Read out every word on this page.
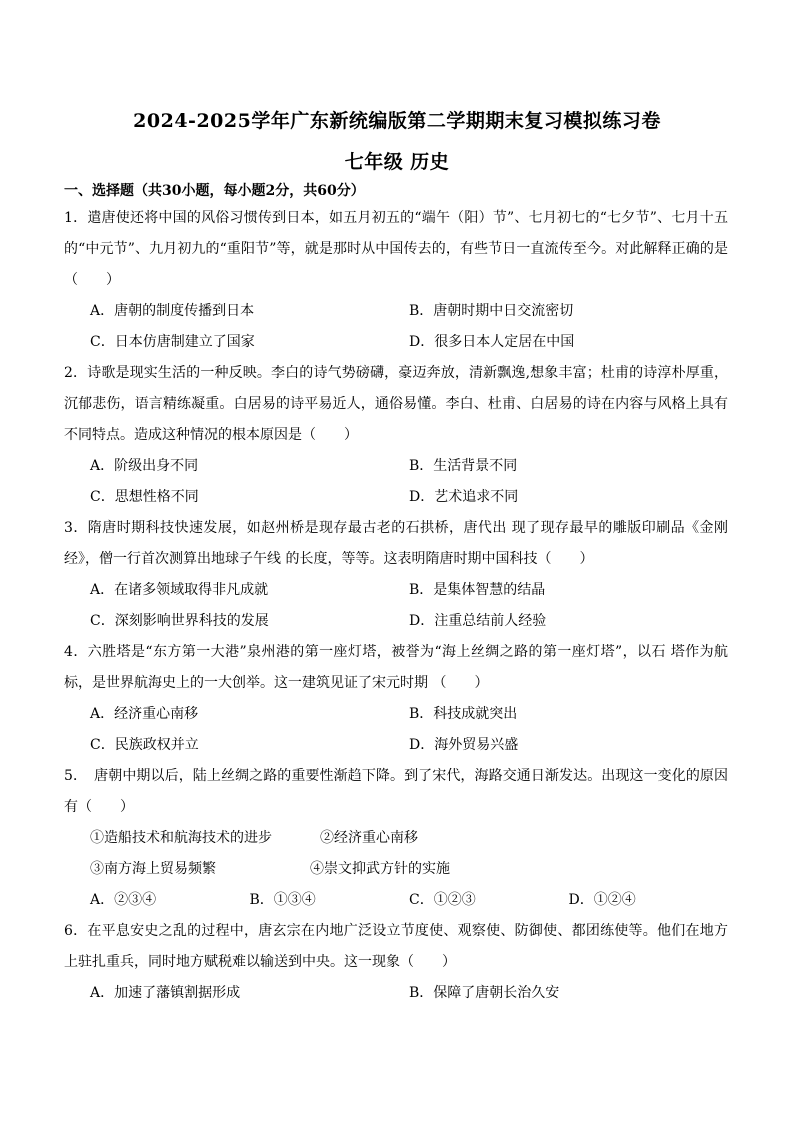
2024-2025学年广东新统编版第二学期期末复习模拟练习卷
七年级 历史
一、选择题（共30小题，每小题2分，共60分）

1．遣唐使还将中国的风俗习惯传到日本，如五月初五的“端午（阳）节”、七月初七的“七夕节”、七月十五的“中元节”、九月初九的“重阳节”等，就是那时从中国传去的，有些节日一直流传至今。对此解释正确的是（　　）

A．唐朝的制度传播到日本	B．唐朝时期中日交流密切
C．日本仿唐制建立了国家	D．很多日本人定居在中国

2．诗歌是现实生活的一种反映。李白的诗气势磅礴，豪迈奔放，清新飘逸,想象丰富；杜甫的诗淳朴厚重，沉郁悲伤，语言精练凝重。白居易的诗平易近人，通俗易懂。李白、杜甫、白居易的诗在内容与风格上具有不同特点。造成这种情况的根本原因是（　　）

A．阶级出身不同	B．生活背景不同
C．思想性格不同	D．艺术追求不同

3．隋唐时期科技快速发展，如赵州桥是现存最古老的石拱桥，唐代出 现了现存最早的雕版印刷品《金刚经》，僧一行首次测算出地球子午线 的长度，等等。这表明隋唐时期中国科技（　　）

A．在诸多领域取得非凡成就	B．是集体智慧的结晶
C．深刻影响世界科技的发展	D．注重总结前人经验

4．六胜塔是“东方第一大港”泉州港的第一座灯塔，被誉为“海上丝绸之路的第一座灯塔”，以石 塔作为航标，是世界航海史上的一大创举。这一建筑见证了宋元时期 （　　）

A．经济重心南移	B．科技成就突出
C．民族政权并立	D．海外贸易兴盛

5．　唐朝中期以后，陆上丝绸之路的重要性渐趋下降。到了宋代，海路交通日渐发达。出现这一变化的原因有（　　）

①造船技术和航海技术的进步	②经济重心南移

③南方海上贸易频繁	④崇文抑武方针的实施

A．②③④	B．①③④	C．①②③	D．①②④

6．在平息安史之乱的过程中，唐玄宗在内地广泛设立节度使、观察使、防御使、都团练使等。他们在地方上驻扎重兵，同时地方赋税难以输送到中央。这一现象（　　）

A．加速了藩镇割据形成	B．保障了唐朝长治久安
